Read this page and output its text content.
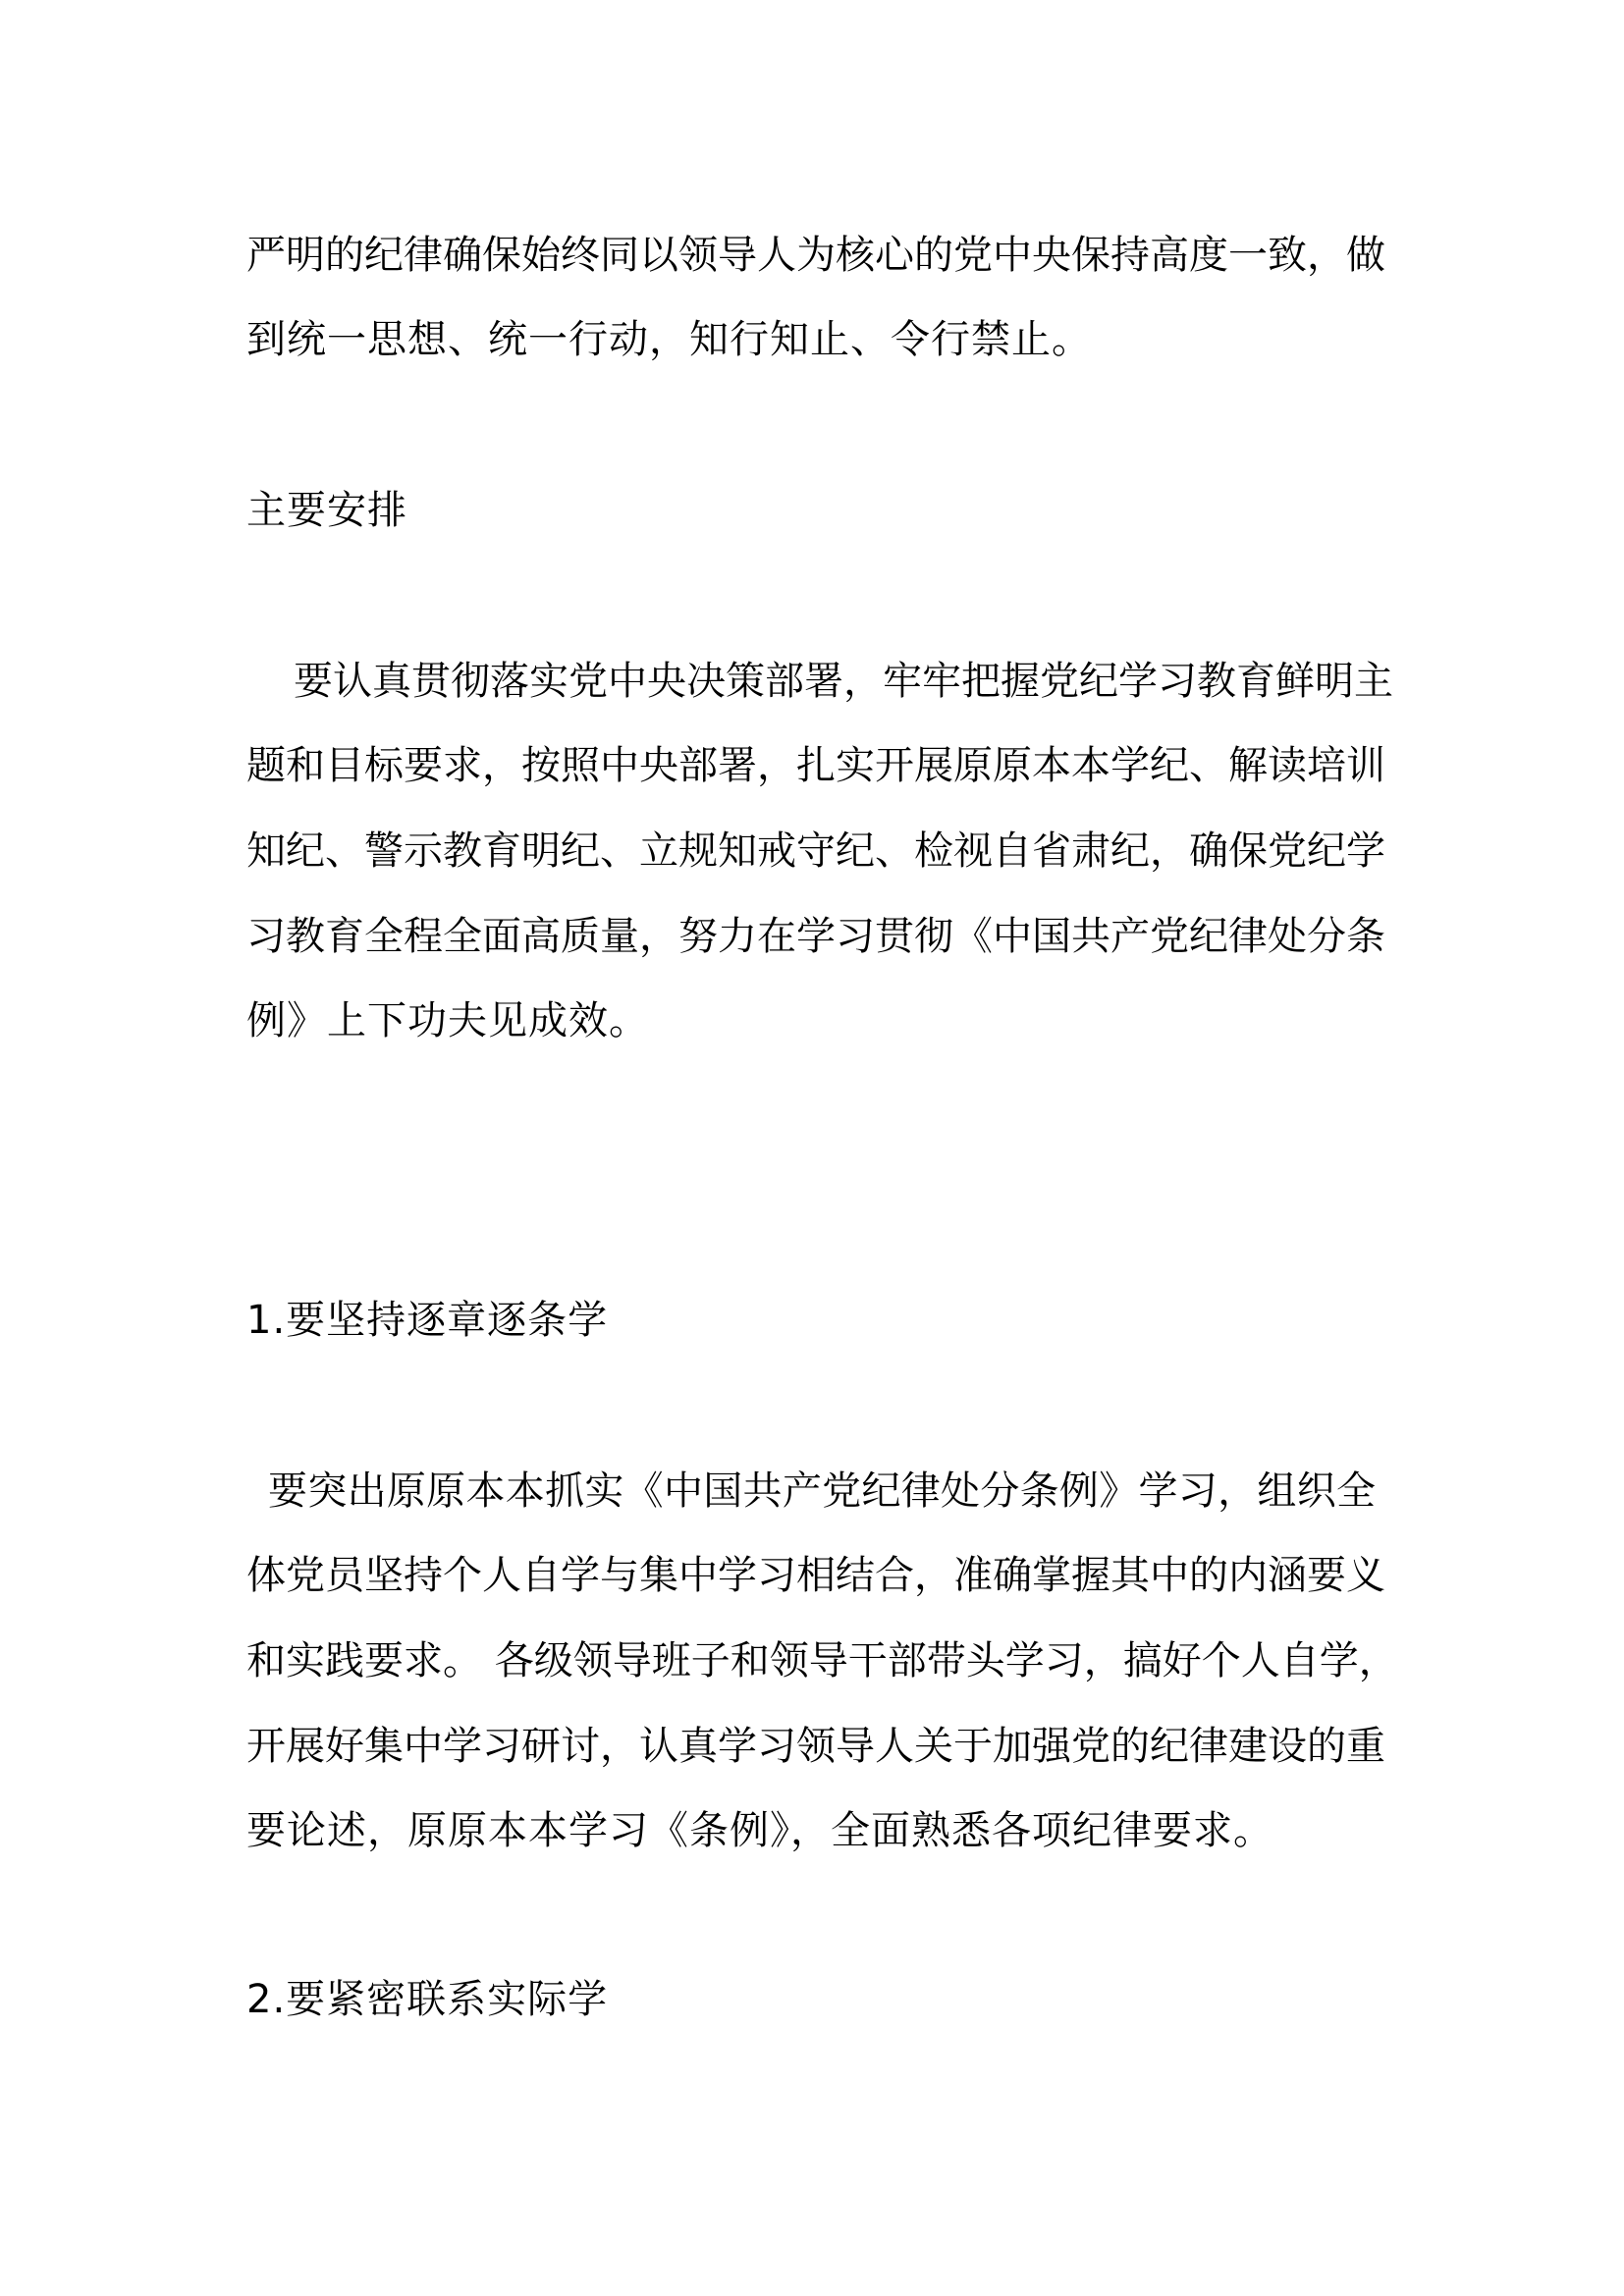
严明的纪律确保始终同以领导人为核心的党中央保持高度一致，做

到统一思想、统一行动，知行知止、令行禁止。

主要安排

要认真贯彻落实党中央决策部署，牢牢把握党纪学习教育鲜明主

题和目标要求，按照中央部署，扎实开展原原本本学纪、解读培训

知纪、警示教育明纪、立规知戒守纪、检视自省肃纪，确保党纪学

习教育全程全面高质量，努力在学习贯彻《中国共产党纪律处分条

例》上下功夫见成效。

1.要坚持逐章逐条学

要突出原原本本抓实《中国共产党纪律处分条例》学习，组织全

体党员坚持个人自学与集中学习相结合，准确掌握其中的内涵要义

和实践要求。 各级领导班子和领导干部带头学习，搞好个人自学，

开展好集中学习研讨，认真学习领导人关于加强党的纪律建设的重

要论述，原原本本学习《条例》，全面熟悉各项纪律要求。

2.要紧密联系实际学
